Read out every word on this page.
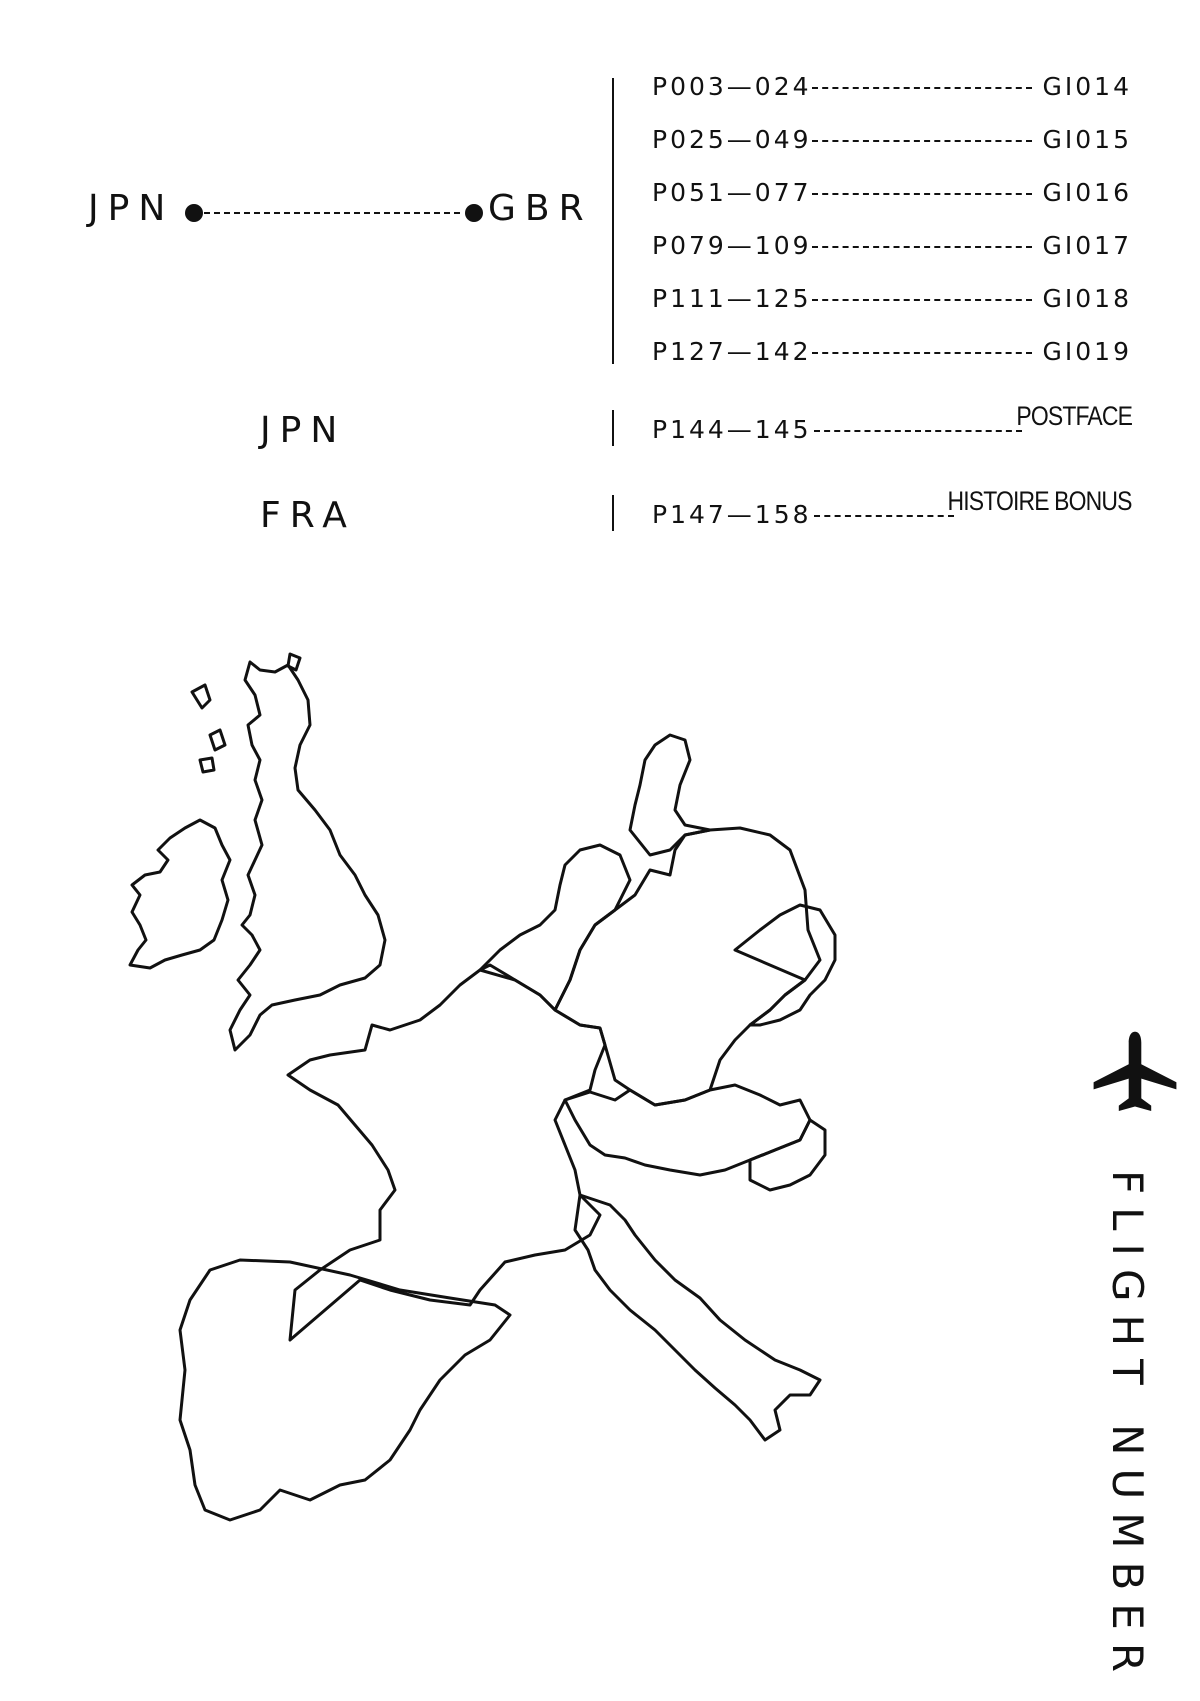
JPN	GBR
P003—024	GI014
P025—049	GI015
P051—077	GI016
P079—109	GI017
P111—125	GI018
P127—142	GI019
JPN	P144—145	POSTFACE
FRA	P147—158	HISTOIRE BONUS
FLIGHT NUMBER
